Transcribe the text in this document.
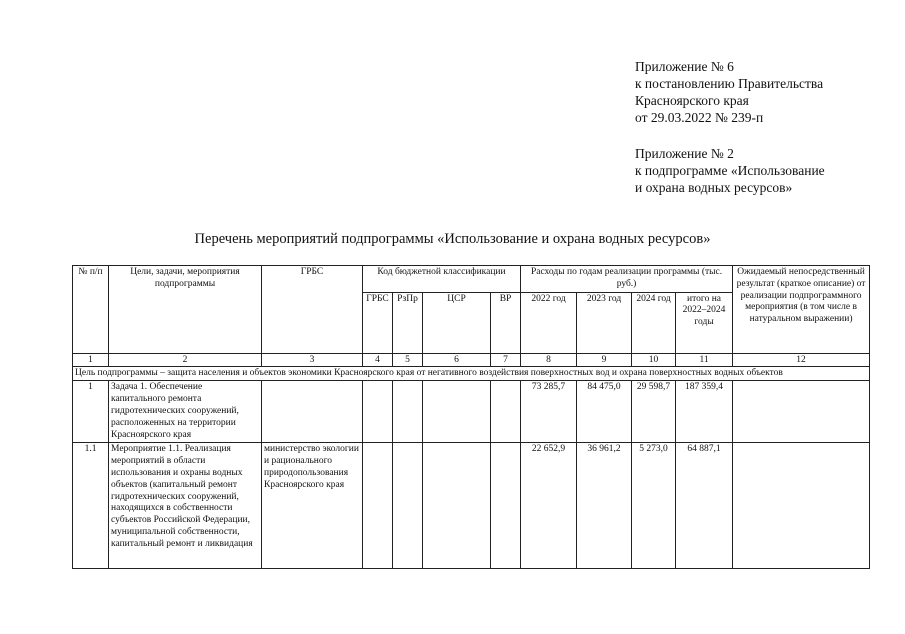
Приложение № 6
к постановлению Правительства
Красноярского края
от 29.03.2022 № 239-п
Приложение № 2
к подпрограмме «Использование
и охрана водных ресурсов»
Перечень мероприятий подпрограммы «Использование и охрана водных ресурсов»
№ п/п	Цели, задачи, мероприятия подпрограммы	ГРБС	Код бюджетной классификации				Расходы по годам реализации программы (тыс. руб.)				Ожидаемый непосредственный результат (краткое описание) от реализации подпрограммного мероприятия (в том числе в натуральном выражении)
			ГРБС	РзПр	ЦСР	ВР	2022 год	2023 год	2024 год	итого на 2022–2024 годы	
1	2	3	4	5	6	7	8	9	10	11	12
Цель подпрограммы – защита населения и объектов экономики Красноярского края от негативного воздействия поверхностных вод и охрана поверхностных водных объектов											
1	Задача 1. Обеспечение капитального ремонта гидротехнических сооружений, расположенных на территории Красноярского края						73 285,7	84 475,0	29 598,7	187 359,4	
1.1	Мероприятие 1.1. Реализация мероприятий в области использования и охраны водных объектов (капитальный ремонт гидротехнических сооружений, находящихся в собственности субъектов Российской Федерации, муниципальной собственности, капитальный ремонт и ликвидация	министерство экологии и рационального природопользования Красноярского края					22 652,9	36 961,2	5 273,0	64 887,1	
